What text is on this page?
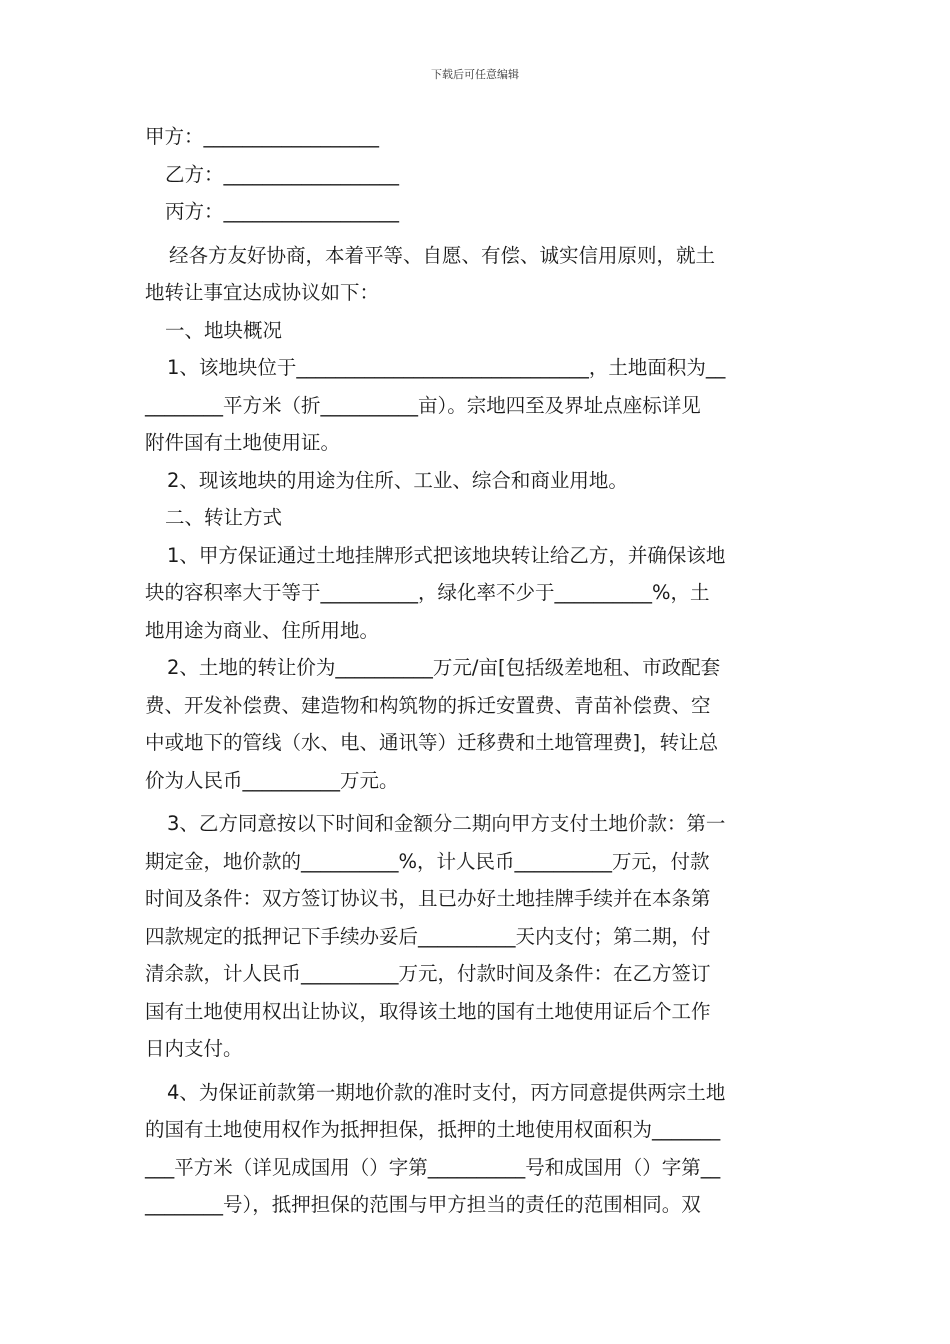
下载后可任意编辑
甲方：__________________
乙方：__________________
丙方：__________________
经各方友好协商，本着平等、自愿、有偿、诚实信用原则，就土
地转让事宜达成协议如下：
一、地块概况
1、该地块位于______________________________，土地面积为__
________平方米（折__________亩）。宗地四至及界址点座标详见
附件国有土地使用证。
2、现该地块的用途为住所、工业、综合和商业用地。
二、转让方式
1、甲方保证通过土地挂牌形式把该地块转让给乙方，并确保该地
块的容积率大于等于__________，绿化率不少于__________%，土
地用途为商业、住所用地。
2、土地的转让价为__________万元/亩[包括级差地租、市政配套
费、开发补偿费、建造物和构筑物的拆迁安置费、青苗补偿费、空
中或地下的管线（水、电、通讯等）迁移费和土地管理费]，转让总
价为人民币__________万元。
3、乙方同意按以下时间和金额分二期向甲方支付土地价款：第一
期定金，地价款的__________%，计人民币__________万元，付款
时间及条件：双方签订协议书，且已办好土地挂牌手续并在本条第
四款规定的抵押记下手续办妥后__________天内支付；第二期，付
清余款，计人民币__________万元，付款时间及条件：在乙方签订
国有土地使用权出让协议，取得该土地的国有土地使用证后个工作
日内支付。
4、为保证前款第一期地价款的准时支付，丙方同意提供两宗土地
的国有土地使用权作为抵押担保，抵押的土地使用权面积为_______
___平方米（详见成国用（）字第__________号和成国用（）字第__
________号），抵押担保的范围与甲方担当的责任的范围相同。双
